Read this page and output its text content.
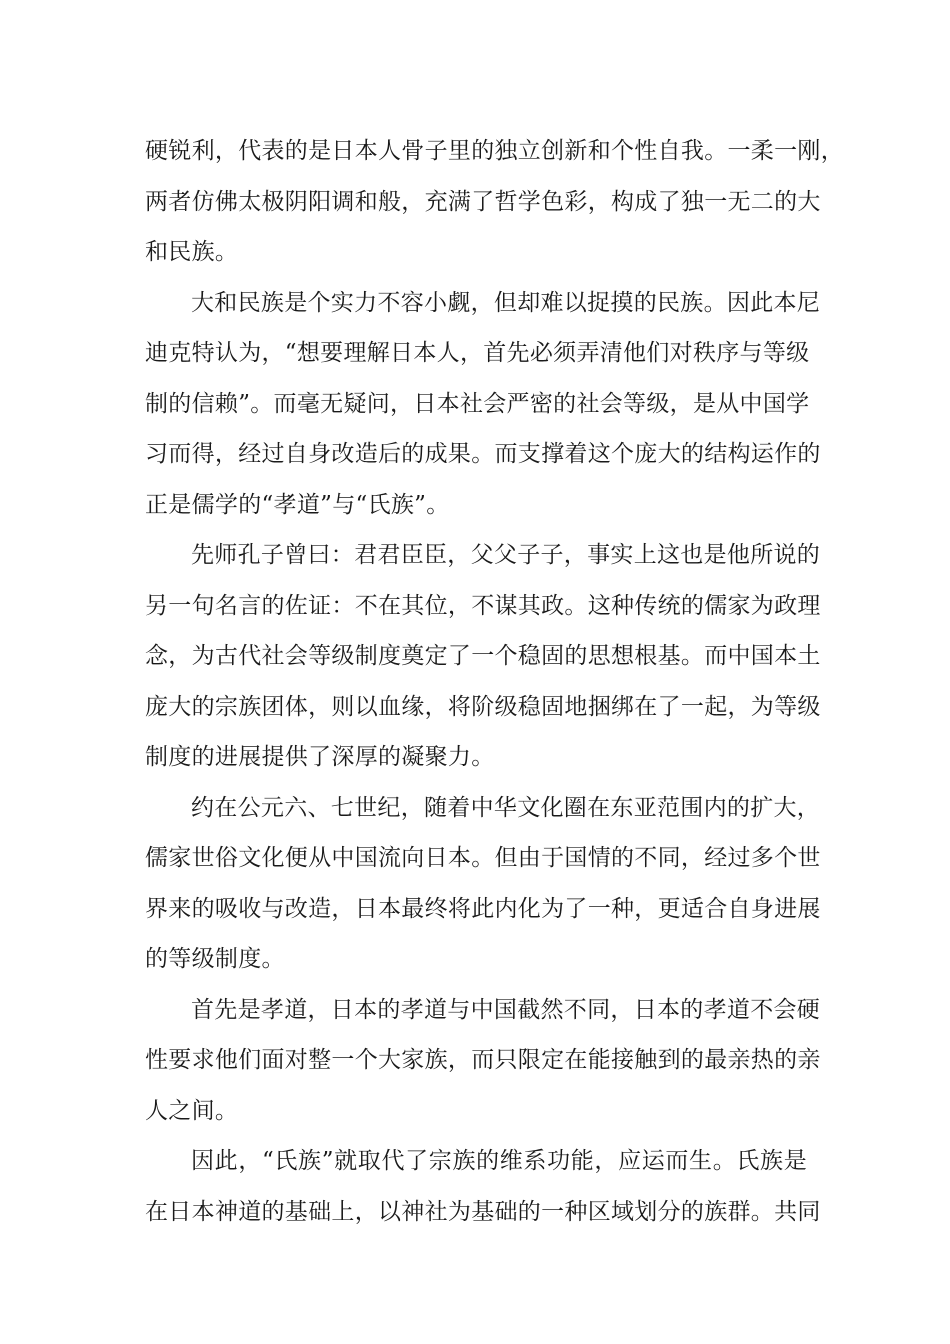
硬锐利，代表的是日本人骨子里的独立创新和个性自我。一柔一刚，
两者仿佛太极阴阳调和般，充满了哲学色彩，构成了独一无二的大
和民族。
大和民族是个实力不容小觑，但却难以捉摸的民族。因此本尼
迪克特认为，“想要理解日本人，首先必须弄清他们对秩序与等级
制的信赖”。而毫无疑问，日本社会严密的社会等级，是从中国学
习而得，经过自身改造后的成果。而支撑着这个庞大的结构运作的
正是儒学的“孝道”与“氏族”。
先师孔子曾曰：君君臣臣，父父子子，事实上这也是他所说的
另一句名言的佐证：不在其位，不谋其政。这种传统的儒家为政理
念，为古代社会等级制度奠定了一个稳固的思想根基。而中国本土
庞大的宗族团体，则以血缘，将阶级稳固地捆绑在了一起，为等级
制度的进展提供了深厚的凝聚力。
约在公元六、七世纪，随着中华文化圈在东亚范围内的扩大，
儒家世俗文化便从中国流向日本。但由于国情的不同，经过多个世
界来的吸收与改造，日本最终将此内化为了一种，更适合自身进展
的等级制度。
首先是孝道，日本的孝道与中国截然不同，日本的孝道不会硬
性要求他们面对整一个大家族，而只限定在能接触到的最亲热的亲
人之间。
因此，“氏族”就取代了宗族的维系功能，应运而生。氏族是
在日本神道的基础上，以神社为基础的一种区域划分的族群。共同
